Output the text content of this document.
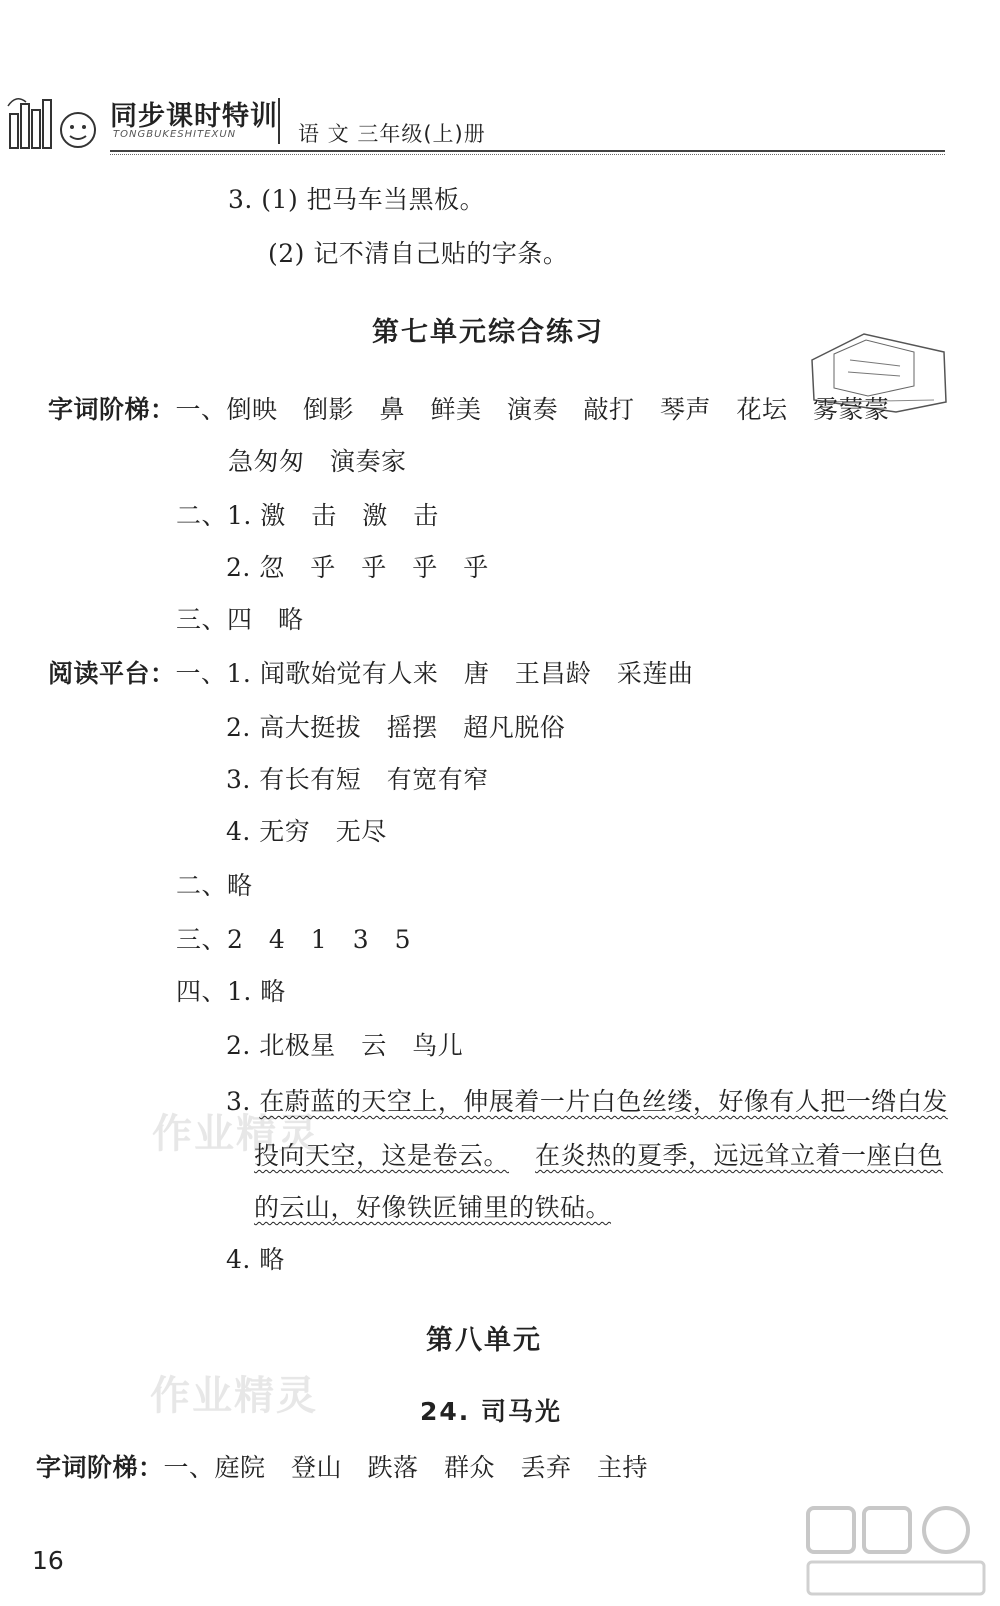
同步课时特训
TONGBUKESHITEXUN	语 文 三年级(上)册
3. (1) 把马车当黑板。
(2) 记不清自己贴的字条。
第七单元综合练习
字词阶梯：一、倒映　倒影　鼻　鲜美　演奏　敲打　琴声　花坛　雾蒙蒙
急匆匆　演奏家
二、1. 激　击　激　击
2. 忽　乎　乎　乎　乎
三、四　略
阅读平台：一、1. 闻歌始觉有人来　唐　王昌龄　采莲曲
2. 高大挺拔　摇摆　超凡脱俗
3. 有长有短　有宽有窄
4. 无穷　无尽
二、略
三、2　4　1　3　5
四、1. 略
2. 北极星　云　鸟儿
作业精灵
3. 在蔚蓝的天空上，伸展着一片白色丝缕，好像有人把一绺白发
投向天空，这是卷云。 在炎热的夏季，远远耸立着一座白色
的云山，好像铁匠铺里的铁砧。
4. 略
第八单元
作业精灵	24. 司马光
字词阶梯：一、庭院　登山　跌落　群众　丢弃　主持
16
